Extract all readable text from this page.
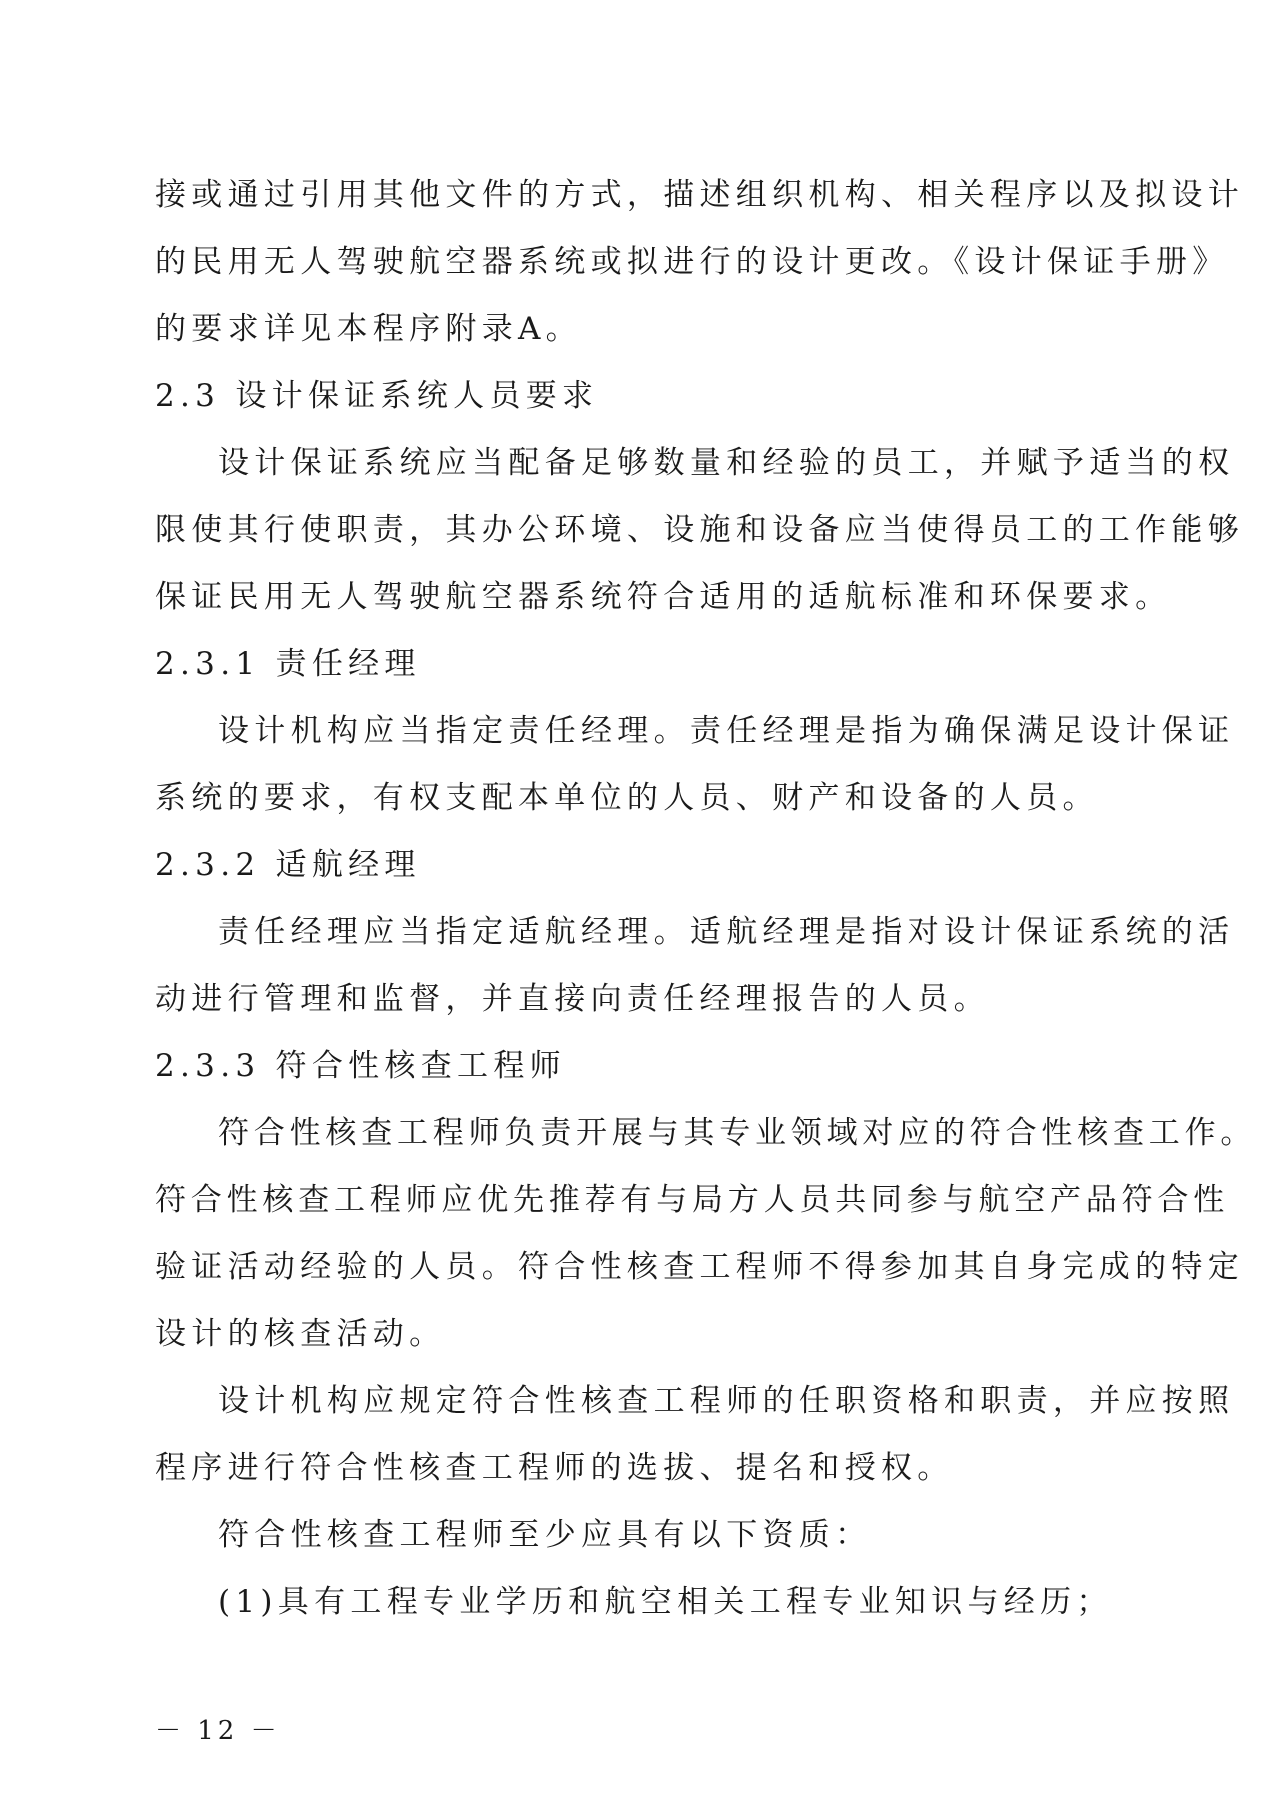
接或通过引用其他文件的方式，描述组织机构、相关程序以及拟设计
的民用无人驾驶航空器系统或拟进行的设计更改。《设计保证手册》
的要求详见本程序附录A。
2.3 设计保证系统人员要求
设计保证系统应当配备足够数量和经验的员工，并赋予适当的权
限使其行使职责，其办公环境、设施和设备应当使得员工的工作能够
保证民用无人驾驶航空器系统符合适用的适航标准和环保要求。
2.3.1 责任经理
设计机构应当指定责任经理。责任经理是指为确保满足设计保证
系统的要求，有权支配本单位的人员、财产和设备的人员。
2.3.2 适航经理
责任经理应当指定适航经理。适航经理是指对设计保证系统的活
动进行管理和监督，并直接向责任经理报告的人员。
2.3.3 符合性核查工程师
符合性核查工程师负责开展与其专业领域对应的符合性核查工作。
符合性核查工程师应优先推荐有与局方人员共同参与航空产品符合性
验证活动经验的人员。符合性核查工程师不得参加其自身完成的特定
设计的核查活动。
设计机构应规定符合性核查工程师的任职资格和职责，并应按照
程序进行符合性核查工程师的选拔、提名和授权。
符合性核查工程师至少应具有以下资质：
(1)具有工程专业学历和航空相关工程专业知识与经历；
－ 12 －
